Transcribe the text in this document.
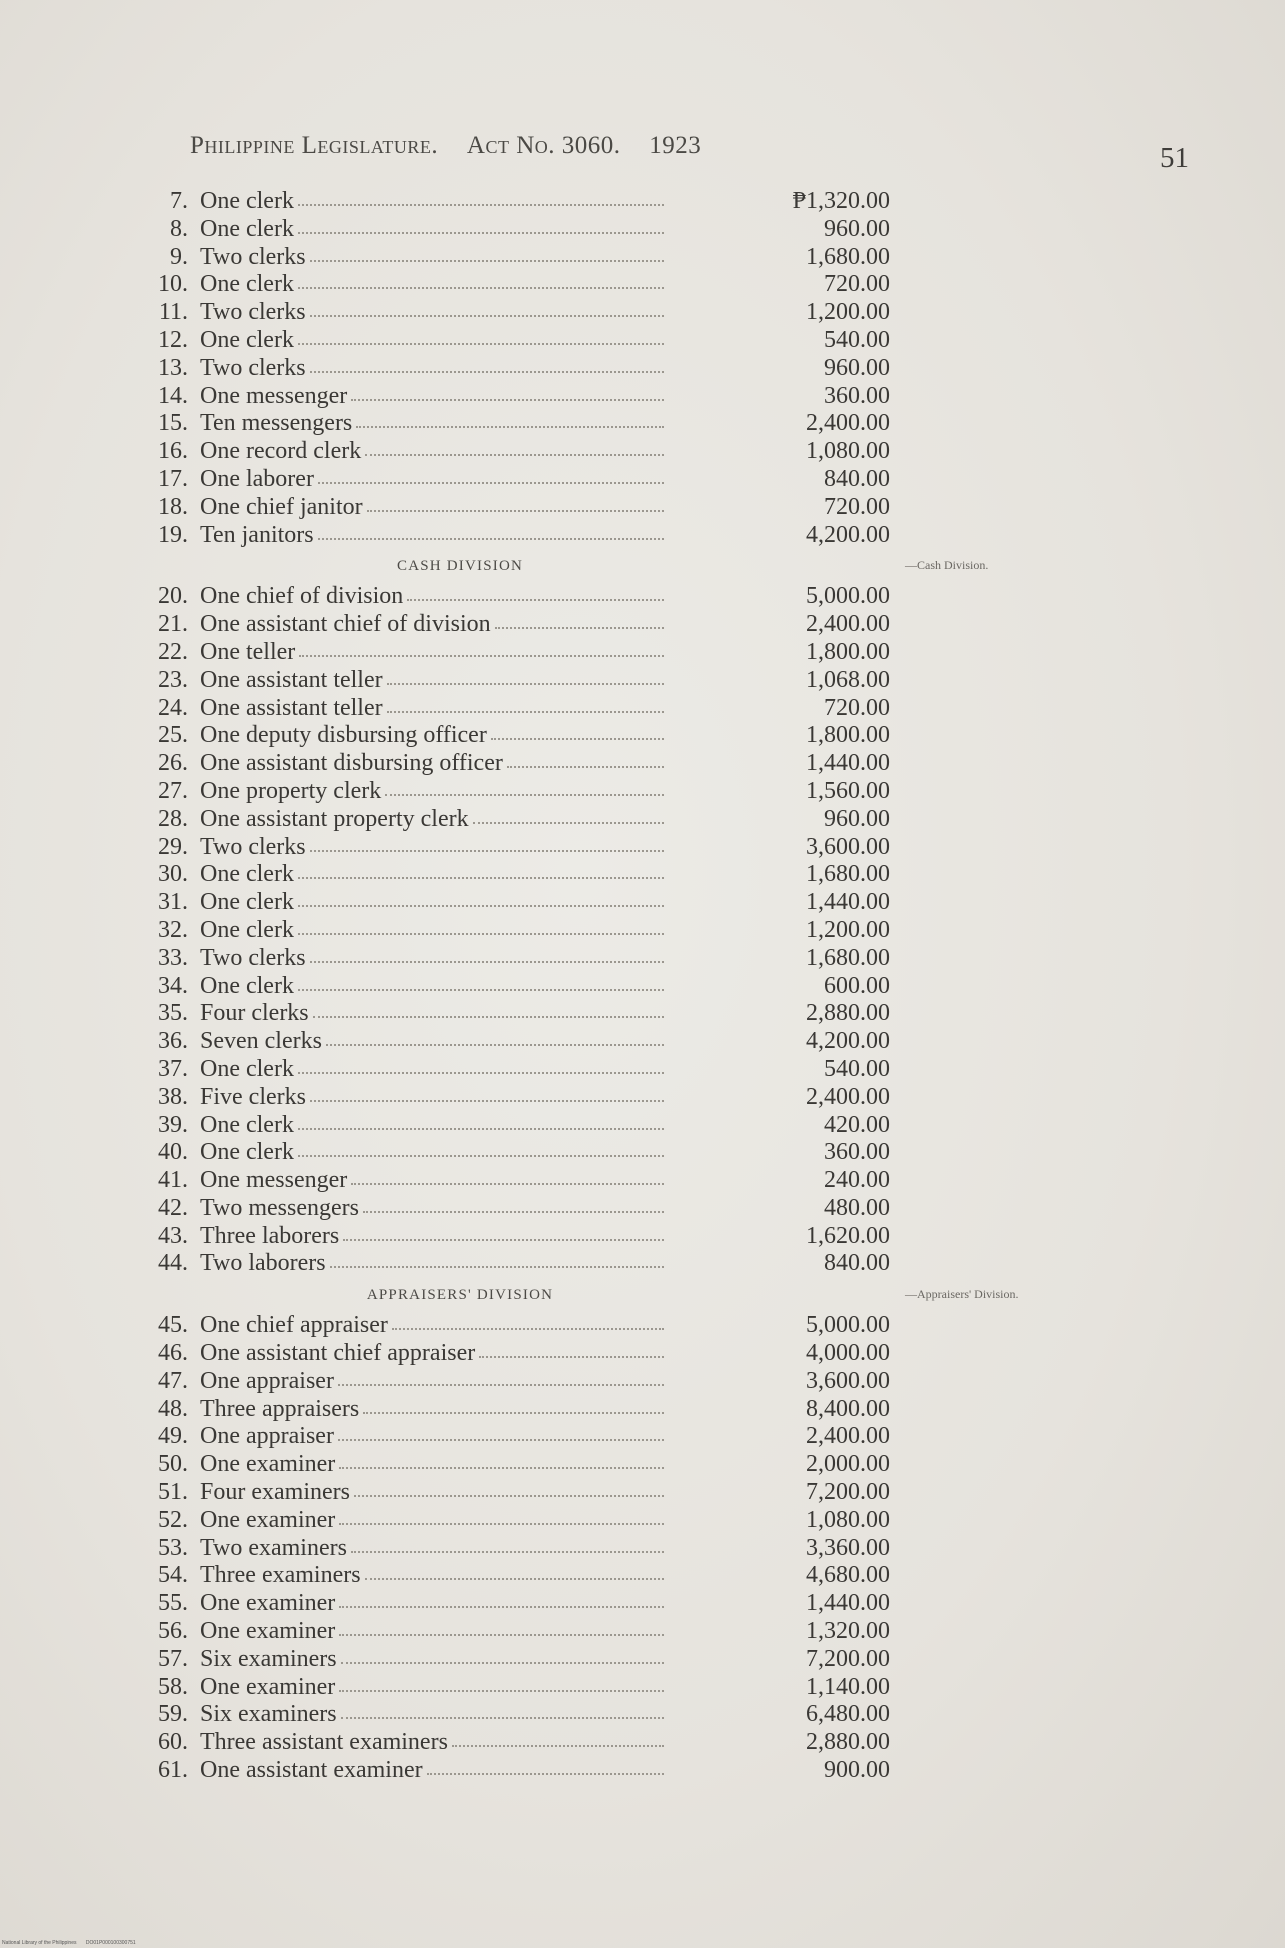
Philippine Legislature. Act No. 3060. 1923	51
7. One clerk	₱1,320.00
8. One clerk	960.00
9. Two clerks	1,680.00
10. One clerk	720.00
11. Two clerks	1,200.00
12. One clerk	540.00
13. Two clerks	960.00
14. One messenger	360.00
15. Ten messengers	2,400.00
16. One record clerk	1,080.00
17. One laborer	840.00
18. One chief janitor	720.00
19. Ten janitors	4,200.00
CASH DIVISION
20. One chief of division	5,000.00
21. One assistant chief of division	2,400.00
22. One teller	1,800.00
23. One assistant teller	1,068.00
24. One assistant teller	720.00
25. One deputy disbursing officer	1,800.00
26. One assistant disbursing officer	1,440.00
27. One property clerk	1,560.00
28. One assistant property clerk	960.00
29. Two clerks	3,600.00
30. One clerk	1,680.00
31. One clerk	1,440.00
32. One clerk	1,200.00
33. Two clerks	1,680.00
34. One clerk	600.00
35. Four clerks	2,880.00
36. Seven clerks	4,200.00
37. One clerk	540.00
38. Five clerks	2,400.00
39. One clerk	420.00
40. One clerk	360.00
41. One messenger	240.00
42. Two messengers	480.00
43. Three laborers	1,620.00
44. Two laborers	840.00
APPRAISERS' DIVISION
45. One chief appraiser	5,000.00
46. One assistant chief appraiser	4,000.00
47. One appraiser	3,600.00
48. Three appraisers	8,400.00
49. One appraiser	2,400.00
50. One examiner	2,000.00
51. Four examiners	7,200.00
52. One examiner	1,080.00
53. Two examiners	3,360.00
54. Three examiners	4,680.00
55. One examiner	1,440.00
56. One examiner	1,320.00
57. Six examiners	7,200.00
58. One examiner	1,140.00
59. Six examiners	6,480.00
60. Three assistant examiners	2,880.00
61. One assistant examiner	900.00
—Cash Division.
—Appraisers' Division.
National Library of the Philippines DO01P000100300751
